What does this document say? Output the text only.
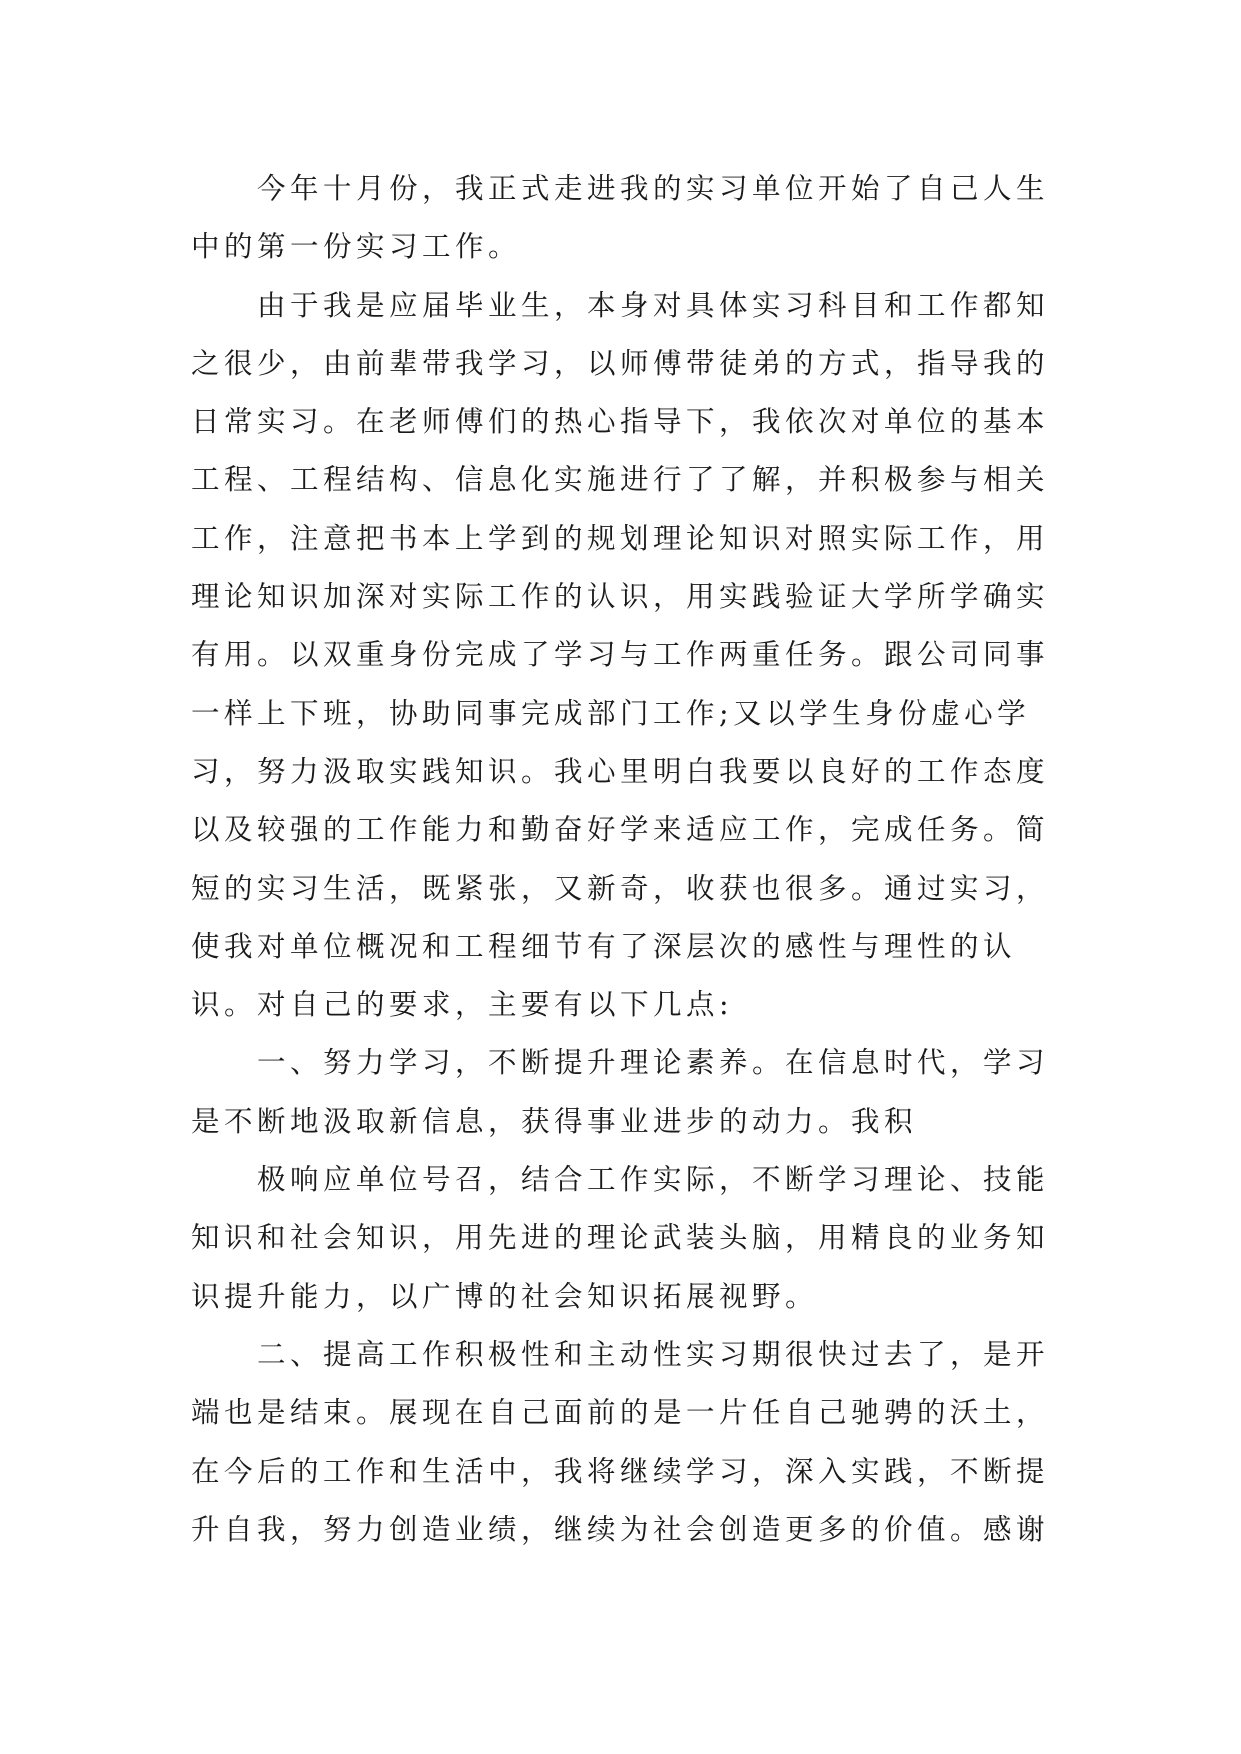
今年十月份，我正式走进我的实习单位开始了自己人生
中的第一份实习工作。
由于我是应届毕业生，本身对具体实习科目和工作都知
之很少，由前辈带我学习，以师傅带徒弟的方式，指导我的
日常实习。在老师傅们的热心指导下，我依次对单位的基本
工程、工程结构、信息化实施进行了了解，并积极参与相关
工作，注意把书本上学到的规划理论知识对照实际工作，用
理论知识加深对实际工作的认识，用实践验证大学所学确实
有用。以双重身份完成了学习与工作两重任务。跟公司同事
一样上下班，协助同事完成部门工作;又以学生身份虚心学
习，努力汲取实践知识。我心里明白我要以良好的工作态度
以及较强的工作能力和勤奋好学来适应工作，完成任务。简
短的实习生活，既紧张，又新奇，收获也很多。通过实习，
使我对单位概况和工程细节有了深层次的感性与理性的认
识。对自己的要求，主要有以下几点:
一、努力学习，不断提升理论素养。在信息时代，学习
是不断地汲取新信息，获得事业进步的动力。我积
极响应单位号召，结合工作实际，不断学习理论、技能
知识和社会知识，用先进的理论武装头脑，用精良的业务知
识提升能力，以广博的社会知识拓展视野。
二、提高工作积极性和主动性实习期很快过去了，是开
端也是结束。展现在自己面前的是一片任自己驰骋的沃土，
在今后的工作和生活中，我将继续学习，深入实践，不断提
升自我，努力创造业绩，继续为社会创造更多的价值。感谢
